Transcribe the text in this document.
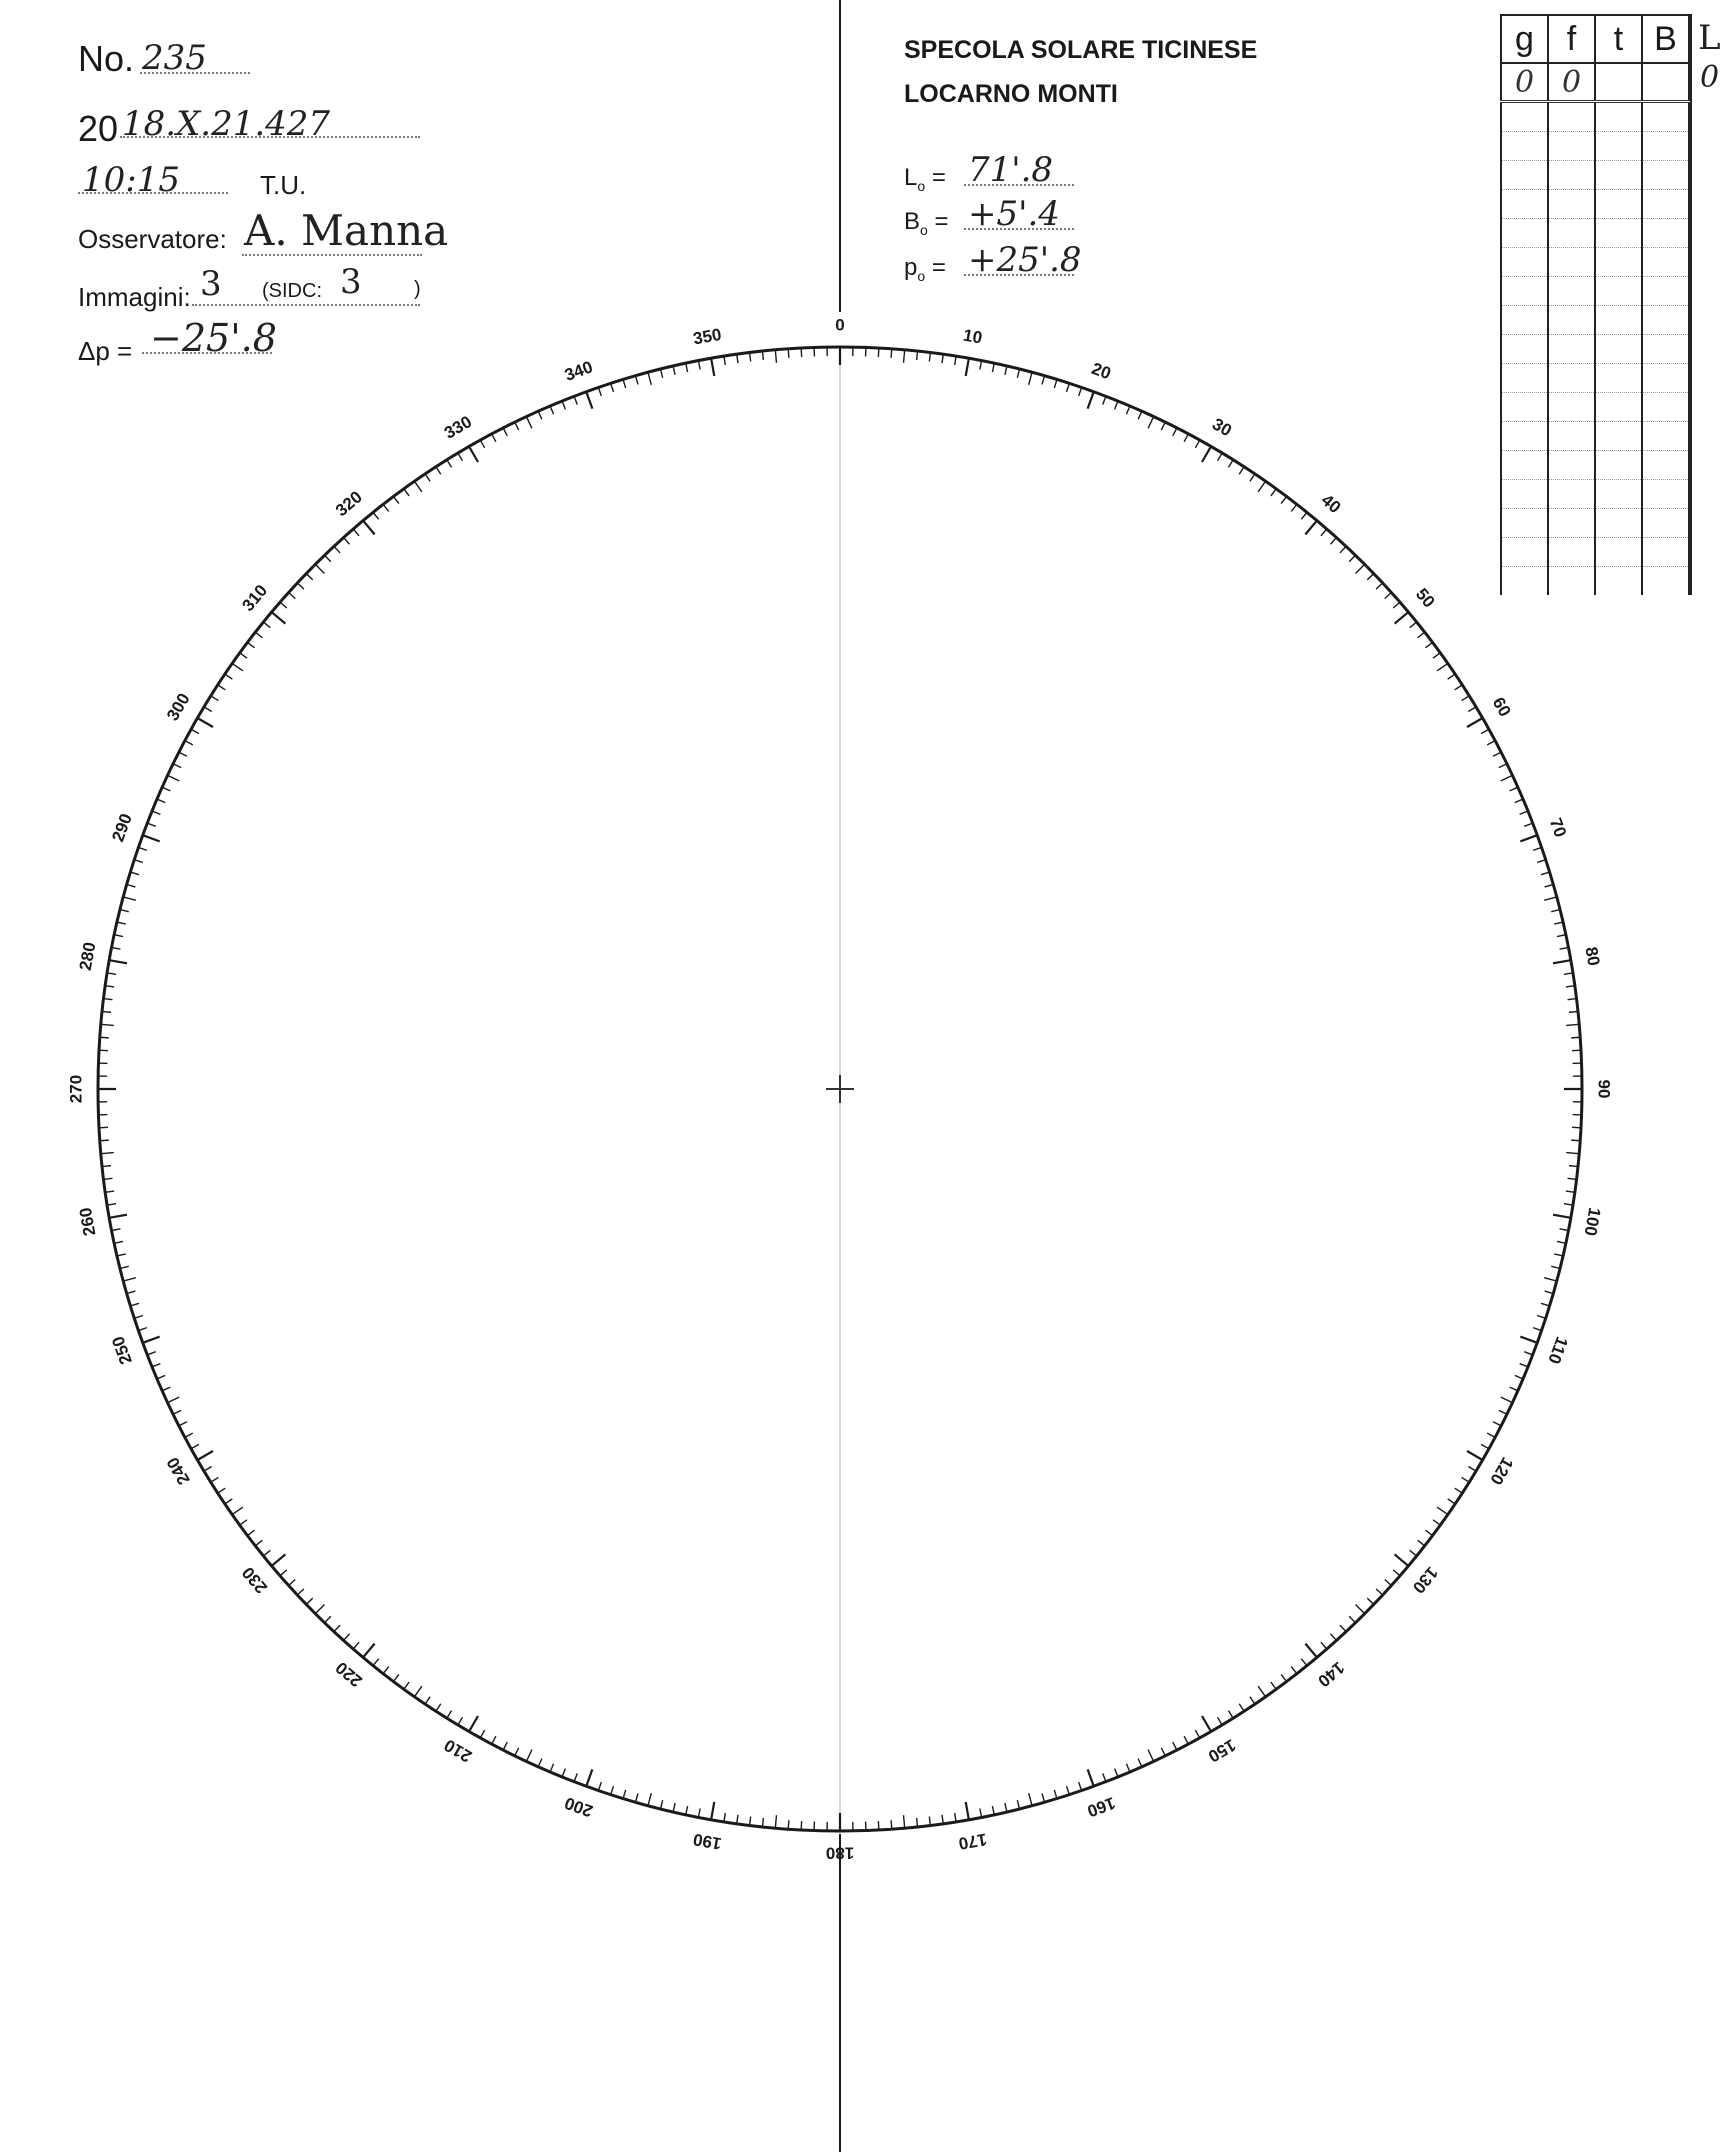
No. 235
20 18.X.21.427
10:15	T.U.
Osservatore: A. Manna
Immagini: 3 (SIDC: 3	)
Δp = −25'.8
SPECOLA SOLARE TICINESE
LOCARNO MONTI
$L_o = 71'.8$
$B_o = +5'.4$
$p_o = +25'.8$
g	f	t	B
0	0		

L
0
0
10
20
30
40
50
60
70
80
90
100
110
120
130
140
150
160
170
180
190
200
210
220
230
240
250
260
270
280
290
300
310
320
330
340
350
